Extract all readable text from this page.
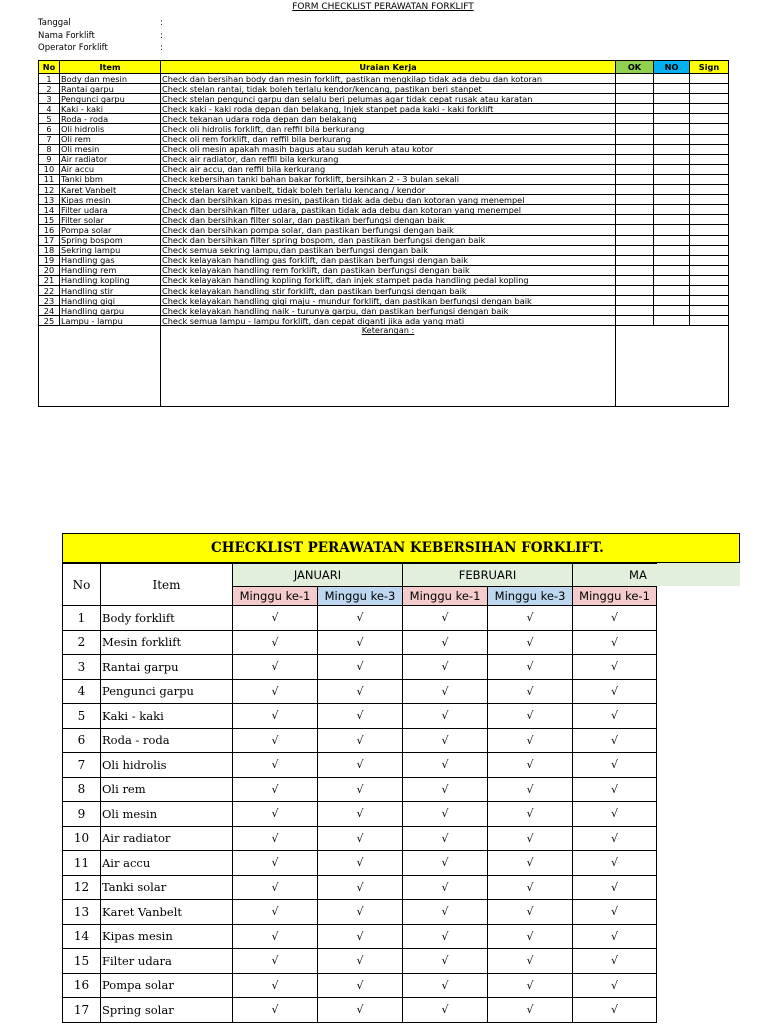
FORM CHECKLIST PERAWATAN FORKLIFT
Tanggal	:
Nama Forklift	:
Operator Forklift	:
No	Item	Uraian Kerja	OK	NO	Sign
1	Body dan mesin	Check dan bersihan body dan mesin forklift, pastikan mengkilap tidak ada debu dan kotoran			
2	Rantai garpu	Check stelan rantai, tidak boleh terlalu kendor/kencang, pastikan beri stanpet			
3	Pengunci garpu	Check stelan pengunci garpu dan selalu beri pelumas agar tidak cepat rusak atau karatan			
4	Kaki - kaki	Check kaki - kaki roda depan dan belakang, Injek stanpet pada kaki - kaki forklift			
5	Roda - roda	Check tekanan udara roda depan dan belakang			
6	Oli hidrolis	Check oli hidrolis forklift, dan reffil bila berkurang			
7	Oli rem	Check oli rem forklift, dan reffil bila berkurang			
8	Oli mesin	Check oli mesin apakah masih bagus atau sudah keruh atau kotor			
9	Air radiator	Check air radiator, dan reffil bila kerkurang			
10	Air accu	Check air accu, dan reffil bila kerkurang			
11	Tanki bbm	Check kebersihan tanki bahan bakar forklift, bersihkan 2 - 3 bulan sekali			
12	Karet Vanbelt	Check stelan karet vanbelt, tidak boleh terlalu kencang / kendor			
13	Kipas mesin	Check dan bersihkan kipas mesin, pastikan tidak ada debu dan kotoran yang menempel			
14	Filter udara	Check dan bersihkan filter udara, pastikan tidak ada debu dan kotoran yang menempel			
15	Filter solar	Check dan bersihkan filter solar, dan pastikan berfungsi dengan baik			
16	Pompa solar	Check dan bersihkan pompa solar, dan pastikan berfungsi dengan baik			
17	Spring bospom	Check dan bersihkan filter spring bospom, dan pastikan berfungsi dengan baik			
18	Sekring lampu	Check semua sekring lampu,dan pastikan berfungsi dengan baik			
19	Handling gas	Check kelayakan handling gas forklift, dan pastikan berfungsi dengan baik			
20	Handling rem	Check kelayakan handling rem forklift, dan pastikan berfungsi dengan baik			
21	Handling kopling	Check kelayakan handling kopling forklift, dan injek stampet pada handling pedal kopling			
22	Handling stir	Check kelayakan handling stir forklift, dan pastikan berfungsi dengan baik			
23	Handling gigi	Check kelayakan handling gigi maju - mundur forklift, dan pastikan berfungsi dengan baik			
24	Handling garpu	Check kelayakan handling naik - turunya garpu, dan pastikan berfungsi dengan baik			
25	Lampu - lampu	Check semua lampu - lampu forklift, dan cepat diganti jika ada yang mati			
		Keterangan :			
CHECKLIST PERAWATAN KEBERSIHAN FORKLIFT.
No	Item	JANUARI		FEBRUARI		MA
		Minggu ke-1	Minggu ke-3	Minggu ke-1	Minggu ke-3	Minggu ke-1
1	Body forklift	√	√	√	√	√
2	Mesin forklift	√	√	√	√	√
3	Rantai garpu	√	√	√	√	√
4	Pengunci garpu	√	√	√	√	√
5	Kaki - kaki	√	√	√	√	√
6	Roda - roda	√	√	√	√	√
7	Oli hidrolis	√	√	√	√	√
8	Oli rem	√	√	√	√	√
9	Oli mesin	√	√	√	√	√
10	Air radiator	√	√	√	√	√
11	Air accu	√	√	√	√	√
12	Tanki solar	√	√	√	√	√
13	Karet Vanbelt	√	√	√	√	√
14	Kipas mesin	√	√	√	√	√
15	Filter udara	√	√	√	√	√
16	Pompa solar	√	√	√	√	√
17	Spring solar	√	√	√	√	√
